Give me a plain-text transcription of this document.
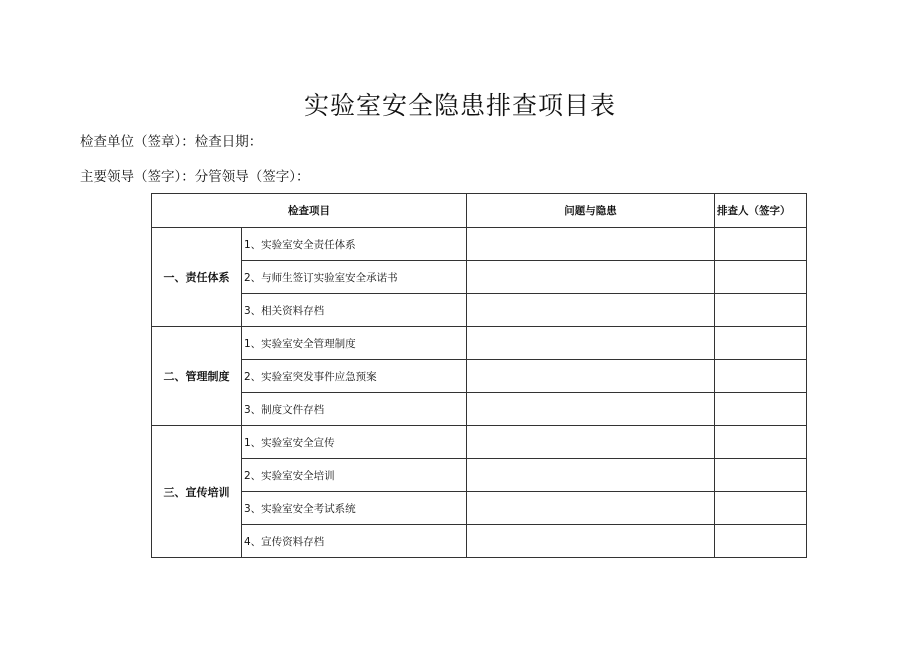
实验室安全隐患排查项目表
检查单位（签章）：检查日期：
主要领导（签字）：分管领导（签字）：
检查项目		问题与隐患	排查人（签字）
一、责任体系	1、实验室安全责任体系		
	2、与师生签订实验室安全承诺书		
	3、相关资料存档		
二、管理制度	1、实验室安全管理制度		
	2、实验室突发事件应急预案		
	3、制度文件存档		
三、宣传培训	1、实验室安全宣传		
	2、实验室安全培训		
	3、实验室安全考试系统		
	4、宣传资料存档		
